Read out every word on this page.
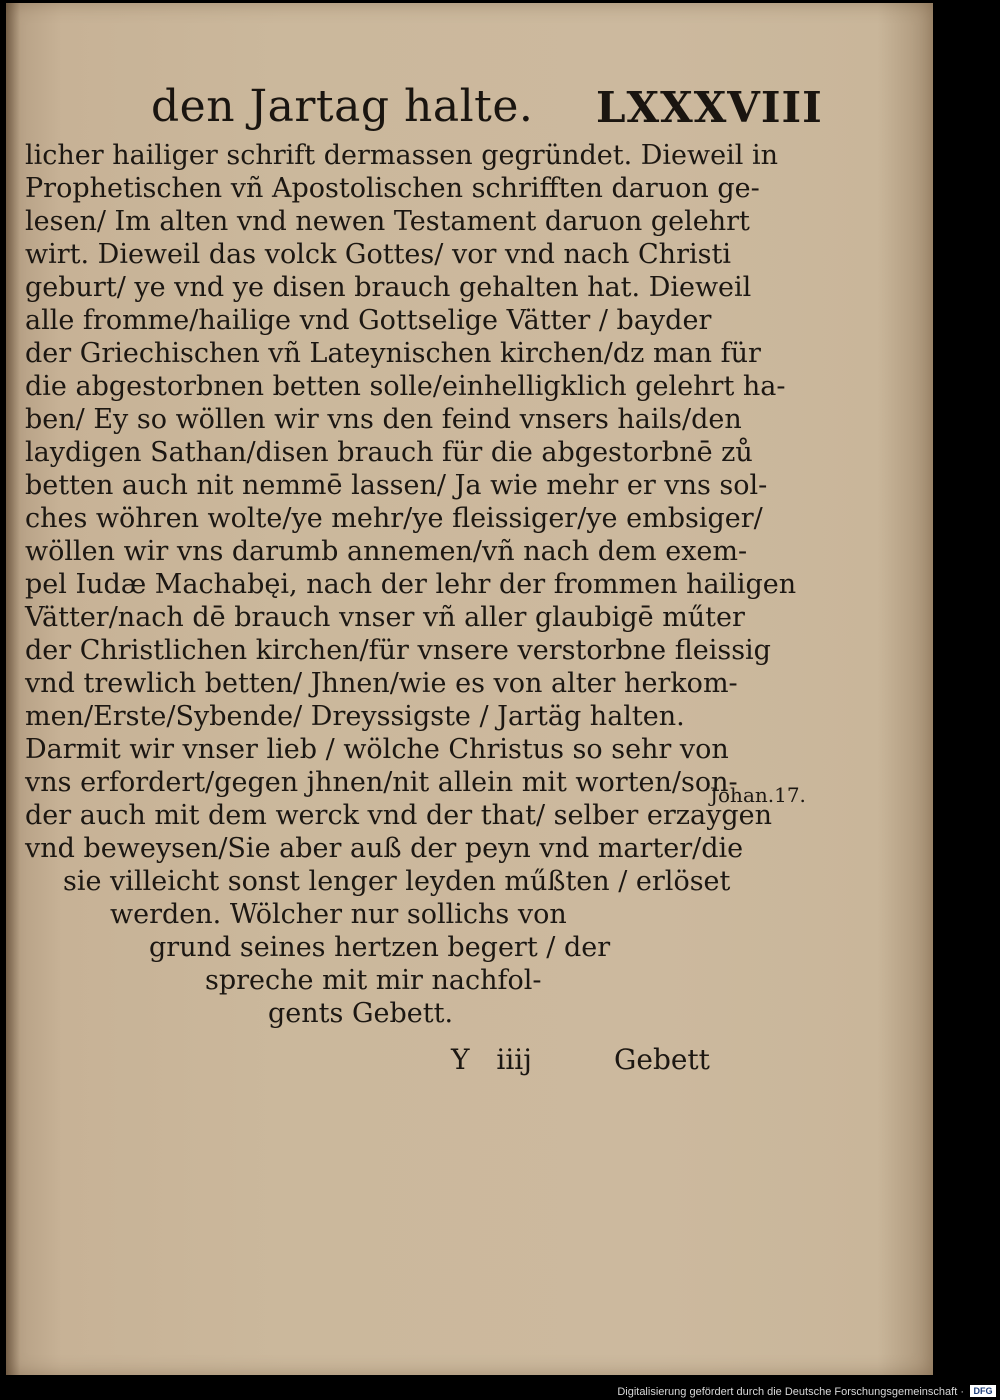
den Jartag halte. LXXXVIII
licher hailiger schrift dermassen gegründet. Dieweil in
Prophetischen vñ Apostolischen schrifften daruon ge-
lesen/ Im alten vnd newen Testament daruon gelehrt
wirt. Dieweil das volck Gottes/ vor vnd nach Christi
geburt/ ye vnd ye disen brauch gehalten hat. Dieweil
alle fromme/hailige vnd Gottselige Vätter / bayder
der Griechischen vñ Lateynischen kirchen/dz man für
die abgestorbnen betten solle/einhelligklich gelehrt ha-
ben/ Ey so wöllen wir vns den feind vnsers hails/den
laydigen Sathan/disen brauch für die abgestorbnē zů
betten auch nit nemmē lassen/ Ja wie mehr er vns sol-
ches wöhren wolte/ye mehr/ye fleissiger/ye embsiger/
wöllen wir vns darumb annemen/vñ nach dem exem-
pel Iudæ Machabęi, nach der lehr der frommen hailigen
Vätter/nach dē brauch vnser vñ aller glaubigē műter
der Christlichen kirchen/für vnsere verstorbne fleissig
vnd trewlich betten/ Jhnen/wie es von alter herkom-
men/Erste/Sybende/ Dreyssigste / Jartäg halten.
Darmit wir vnser lieb / wölche Christus so sehr von
vns erfordert/gegen jhnen/nit allein mit worten/son-
der auch mit dem werck vnd der that/ selber erzaygen
vnd beweysen/Sie aber auß der peyn vnd marter/die
sie villeicht sonst lenger leyden műßten / erlöset
werden. Wölcher nur sollichs von
grund seines hertzen begert / der
spreche mit mir nachfol-
gents Gebett.
Johan.17.
Y iiij	Gebett
Digitalisierung gefördert durch die Deutsche Forschungsgemeinschaft ·	DFG
